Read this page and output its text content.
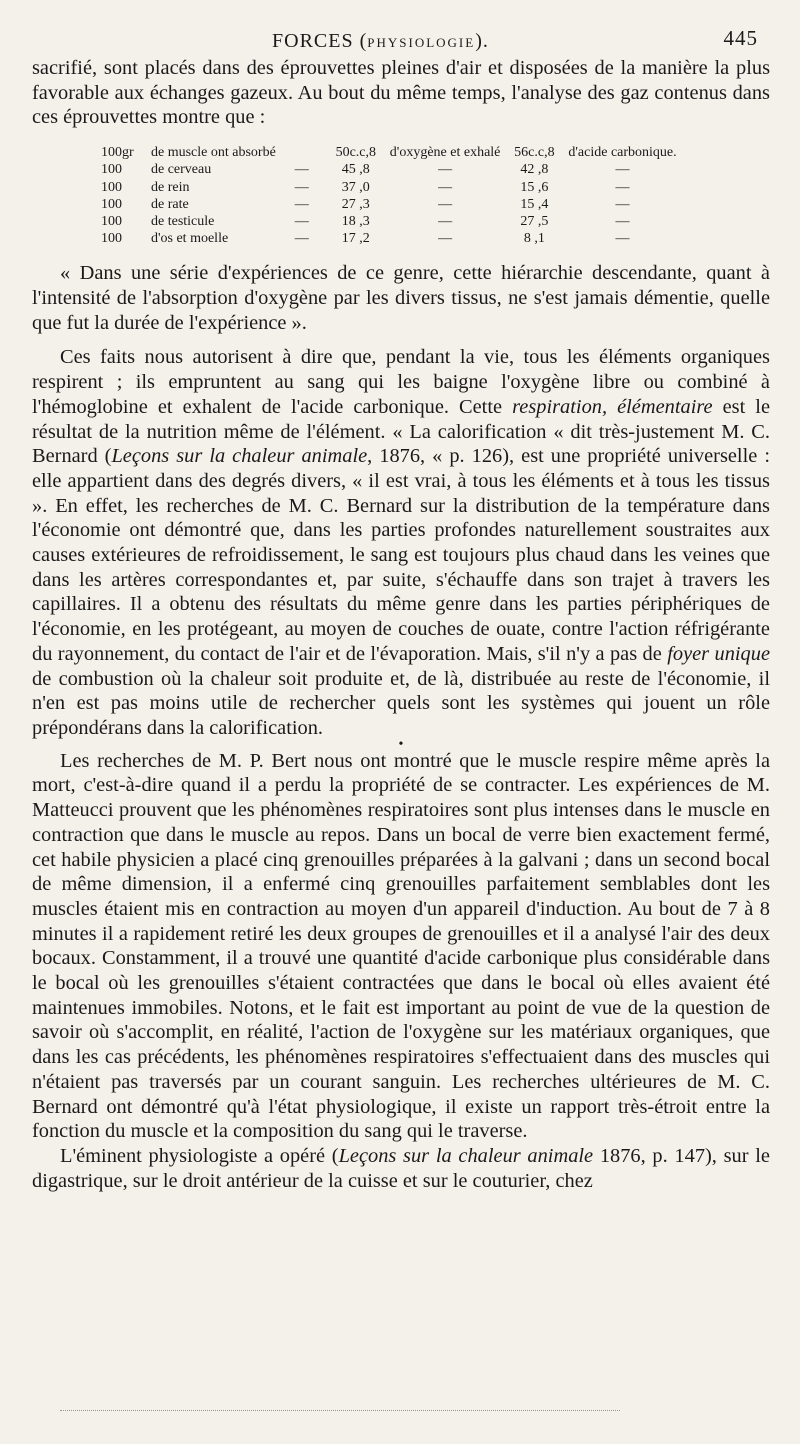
FORCES (PHYSIOLOGIE).	445

sacrifié, sont placés dans des éprouvettes pleines d'air et disposées de la manière la plus favorable aux échanges gazeux. Au bout du même temps, l'analyse des gaz contenus dans ces éprouvettes montre que :

100gr	de muscle ont absorbé		50c.c,8	d'oxygène et exhalé	56c.c,8	d'acide carbonique.
100	de cerveau	—	45 ,8	—	42 ,8	—
100	de rein	—	37 ,0	—	15 ,6	—
100	de rate	—	27 ,3	—	15 ,4	—
100	de testicule	—	18 ,3	—	27 ,5	—
100	d'os et moelle	—	17 ,2	—	8 ,1	—

« Dans une série d'expériences de ce genre, cette hiérarchie descendante, quant à l'intensité de l'absorption d'oxygène par les divers tissus, ne s'est jamais démentie, quelle que fut la durée de l'expérience ».

Ces faits nous autorisent à dire que, pendant la vie, tous les éléments organiques respirent ; ils empruntent au sang qui les baigne l'oxygène libre ou combiné à l'hémoglobine et exhalent de l'acide carbonique. Cette respiration, élémentaire est le résultat de la nutrition même de l'élément. « La calorification « dit très-justement M. C. Bernard (Leçons sur la chaleur animale, 1876, « p. 126), est une propriété universelle : elle appartient dans des degrés divers, « il est vrai, à tous les éléments et à tous les tissus ». En effet, les recherches de M. C. Bernard sur la distribution de la température dans l'économie ont démontré que, dans les parties profondes naturellement soustraites aux causes extérieures de refroidissement, le sang est toujours plus chaud dans les veines que dans les artères correspondantes et, par suite, s'échauffe dans son trajet à travers les capillaires. Il a obtenu des résultats du même genre dans les parties périphériques de l'économie, en les protégeant, au moyen de couches de ouate, contre l'action réfrigérante du rayonnement, du contact de l'air et de l'évaporation. Mais, s'il n'y a pas de foyer unique de combustion où la chaleur soit produite et, de là, distribuée au reste de l'économie, il n'en est pas moins utile de rechercher quels sont les systèmes qui jouent un rôle prépondérans dans la calorification.

•

Les recherches de M. P. Bert nous ont montré que le muscle respire même après la mort, c'est-à-dire quand il a perdu la propriété de se contracter. Les expériences de M. Matteucci prouvent que les phénomènes respiratoires sont plus intenses dans le muscle en contraction que dans le muscle au repos. Dans un bocal de verre bien exactement fermé, cet habile physicien a placé cinq grenouilles préparées à la galvani ; dans un second bocal de même dimension, il a enfermé cinq grenouilles parfaitement semblables dont les muscles étaient mis en contraction au moyen d'un appareil d'induction. Au bout de 7 à 8 minutes il a rapidement retiré les deux groupes de grenouilles et il a analysé l'air des deux bocaux. Constamment, il a trouvé une quantité d'acide carbonique plus considérable dans le bocal où les grenouilles s'étaient contractées que dans le bocal où elles avaient été maintenues immobiles. Notons, et le fait est important au point de vue de la question de savoir où s'accomplit, en réalité, l'action de l'oxygène sur les matériaux organiques, que dans les cas précédents, les phénomènes respiratoires s'effectuaient dans des muscles qui n'étaient pas traversés par un courant sanguin. Les recherches ultérieures de M. C. Bernard ont démontré qu'à l'état physiologique, il existe un rapport très-étroit entre la fonction du muscle et la composition du sang qui le traverse.

L'éminent physiologiste a opéré (Leçons sur la chaleur animale 1876, p. 147), sur le digastrique, sur le droit antérieur de la cuisse et sur le couturier, chez
